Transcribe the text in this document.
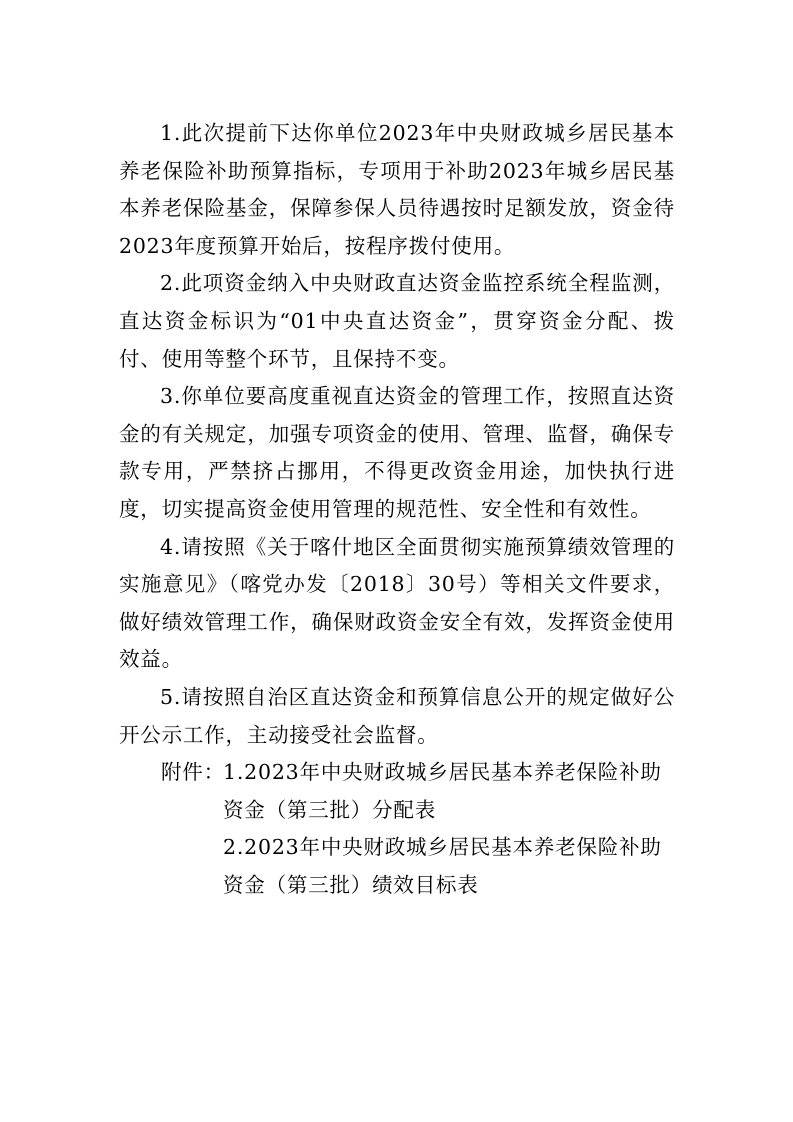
1.此次提前下达你单位2023年中央财政城乡居民基本养老保险补助预算指标，专项用于补助2023年城乡居民基本养老保险基金，保障参保人员待遇按时足额发放，资金待2023年度预算开始后，按程序拨付使用。

2.此项资金纳入中央财政直达资金监控系统全程监测，直达资金标识为“01中央直达资金”，贯穿资金分配、拨付、使用等整个环节，且保持不变。

3.你单位要高度重视直达资金的管理工作，按照直达资金的有关规定，加强专项资金的使用、管理、监督，确保专款专用，严禁挤占挪用，不得更改资金用途，加快执行进度，切实提高资金使用管理的规范性、安全性和有效性。

4.请按照《关于喀什地区全面贯彻实施预算绩效管理的实施意见》（喀党办发〔2018〕30号）等相关文件要求，做好绩效管理工作，确保财政资金安全有效，发挥资金使用效益。

5.请按照自治区直达资金和预算信息公开的规定做好公开公示工作，主动接受社会监督。

附件：
1.2023年中央财政城乡居民基本养老保险补助资金（第三批）分配表
2.2023年中央财政城乡居民基本养老保险补助资金（第三批）绩效目标表
